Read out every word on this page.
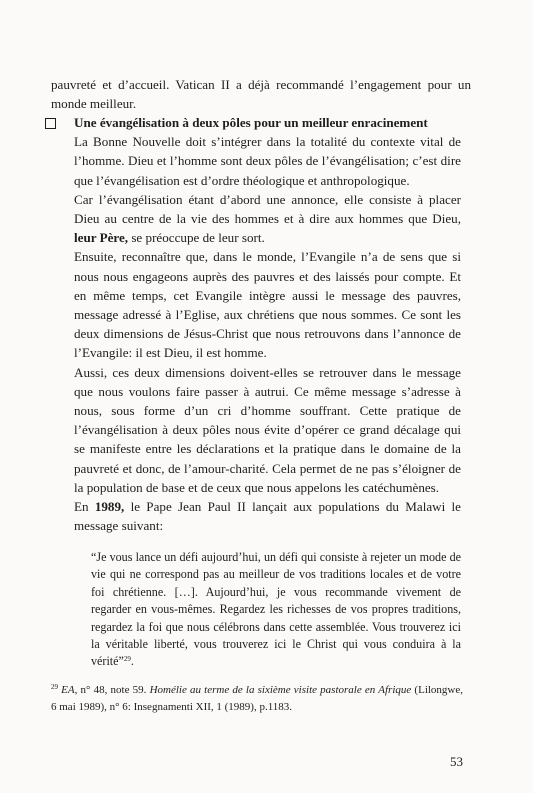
pauvreté et d’accueil. Vatican II a déjà recommandé l’engagement pour un monde meilleur.

Une évangélisation à deux pôles pour un meilleur enracinement

La Bonne Nouvelle doit s’intégrer dans la totalité du contexte vital de l’homme. Dieu et l’homme sont deux pôles de l’évangélisation; c’est dire que l’évangélisation est d’ordre théologique et anthropologique.

Car l’évangélisation étant d’abord une annonce, elle consiste à placer Dieu au centre de la vie des hommes et à dire aux hommes que Dieu, leur Père, se préoccupe de leur sort.

Ensuite, reconnaître que, dans le monde, l’Evangile n’a de sens que si nous nous engageons auprès des pauvres et des laissés pour compte. Et en même temps, cet Evangile intègre aussi le message des pauvres, message adressé à l’Eglise, aux chrétiens que nous sommes. Ce sont les deux dimensions de Jésus-Christ que nous retrouvons dans l’annonce de l’Evangile: il est Dieu, il est homme.

Aussi, ces deux dimensions doivent-elles se retrouver dans le message que nous voulons faire passer à autrui. Ce même message s’adresse à nous, sous forme d’un cri d’homme souffrant. Cette pratique de l’évangélisation à deux pôles nous évite d’opérer ce grand décalage qui se manifeste entre les déclarations et la pratique dans le domaine de la pauvreté et donc, de l’amour-charité. Cela permet de ne pas s’éloigner de la population de base et de ceux que nous appelons les catéchumènes.

En 1989, le Pape Jean Paul II lançait aux populations du Malawi le message suivant:

“Je vous lance un défi aujourd’hui, un défi qui consiste à rejeter un mode de vie qui ne correspond pas au meilleur de vos traditions locales et de votre foi chrétienne. […]. Aujourd’hui, je vous recommande vivement de regarder en vous-mêmes. Regardez les richesses de vos propres traditions, regardez la foi que nous célébrons dans cette assemblée. Vous trouverez ici la véritable liberté, vous trouverez ici le Christ qui vous conduira à la vérité”$^{29}$.

$^{29}$ EA, n° 48, note 59. Homélie au terme de la sixième visite pastorale en Afrique (Lilongwe, 6 mai 1989), n° 6: Insegnamenti XII, 1 (1989), p.1183.

53
